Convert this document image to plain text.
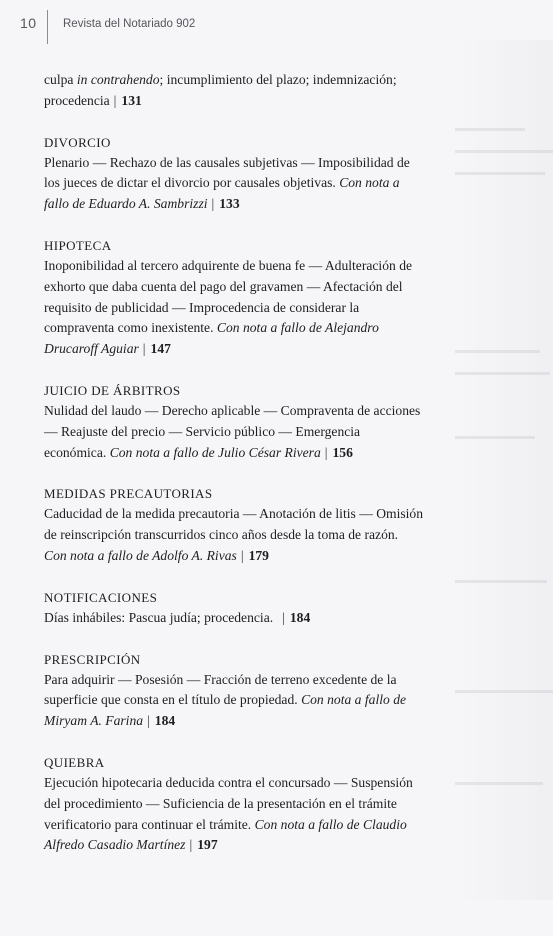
10 Revista del Notariado 902

culpa in contrahendo; incumplimiento del plazo; indemnización; procedencia | 131

DIVORCIO

Plenario — Rechazo de las causales subjetivas — Imposibilidad de los jueces de dictar el divorcio por causales objetivas. Con nota a fallo de Eduardo A. Sambrizzi | 133

HIPOTECA

Inoponibilidad al tercero adquirente de buena fe — Adulteración de exhorto que daba cuenta del pago del gravamen — Afectación del requisito de publicidad — Improcedencia de considerar la compraventa como inexistente. Con nota a fallo de Alejandro Drucaroff Aguiar | 147

JUICIO DE ÁRBITROS

Nulidad del laudo — Derecho aplicable — Compraventa de acciones — Reajuste del precio — Servicio público — Emergencia económica. Con nota a fallo de Julio César Rivera | 156

MEDIDAS PRECAUTORIAS

Caducidad de la medida precautoria — Anotación de litis — Omisión de reinscripción transcurridos cinco años desde la toma de razón. Con nota a fallo de Adolfo A. Rivas | 179

NOTIFICACIONES

Días inhábiles: Pascua judía; procedencia. | 184

PRESCRIPCIÓN

Para adquirir — Posesión — Fracción de terreno excedente de la superficie que consta en el título de propiedad. Con nota a fallo de Miryam A. Farina | 184

QUIEBRA

Ejecución hipotecaria deducida contra el concursado — Suspensión del procedimiento — Suficiencia de la presentación en el trámite verificatorio para continuar el trámite. Con nota a fallo de Claudio Alfredo Casadio Martínez | 197
